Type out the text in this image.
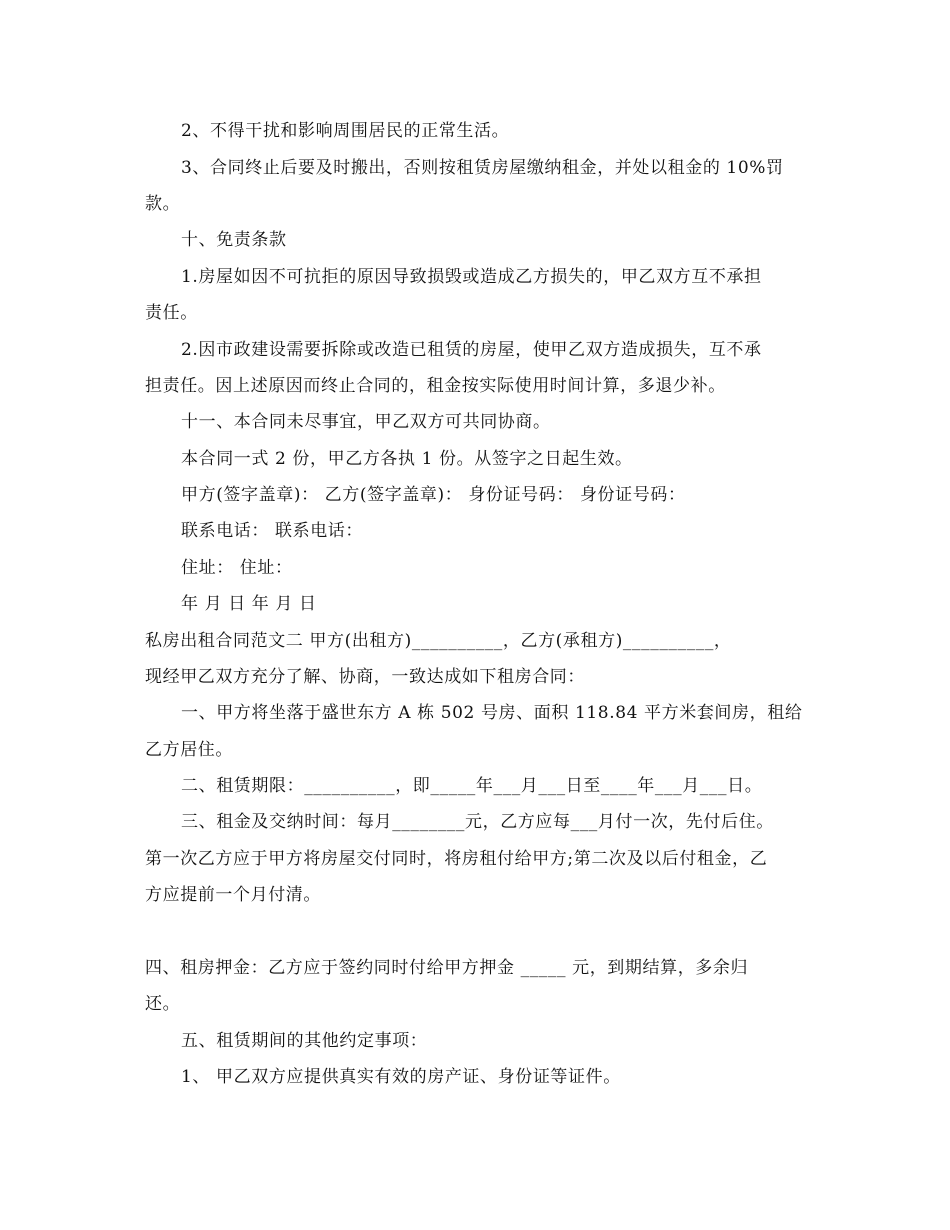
2、不得干扰和影响周围居民的正常生活。
3、合同终止后要及时搬出，否则按租赁房屋缴纳租金，并处以租金的 10%罚
款。
十、免责条款
1.房屋如因不可抗拒的原因导致损毁或造成乙方损失的，甲乙双方互不承担
责任。
2.因市政建设需要拆除或改造已租赁的房屋，使甲乙双方造成损失，互不承
担责任。因上述原因而终止合同的，租金按实际使用时间计算，多退少补。
十一、本合同未尽事宜，甲乙双方可共同协商。
本合同一式 2 份，甲乙方各执 1 份。从签字之日起生效。
甲方(签字盖章)： 乙方(签字盖章)： 身份证号码： 身份证号码：
联系电话： 联系电话：
住址： 住址：
年 月 日 年 月 日
私房出租合同范文二 甲方(出租方)__________，乙方(承租方)__________，
现经甲乙双方充分了解、协商，一致达成如下租房合同：
一、甲方将坐落于盛世东方 A 栋 502 号房、面积 118.84 平方米套间房，租给
乙方居住。
二、租赁期限：__________，即_____年___月___日至____年___月___日。
三、租金及交纳时间：每月________元，乙方应每___月付一次，先付后住。
第一次乙方应于甲方将房屋交付同时，将房租付给甲方;第二次及以后付租金，乙
方应提前一个月付清。
四、租房押金：乙方应于签约同时付给甲方押金 _____ 元，到期结算，多余归
还。
五、租赁期间的其他约定事项：
1、 甲乙双方应提供真实有效的房产证、身份证等证件。
